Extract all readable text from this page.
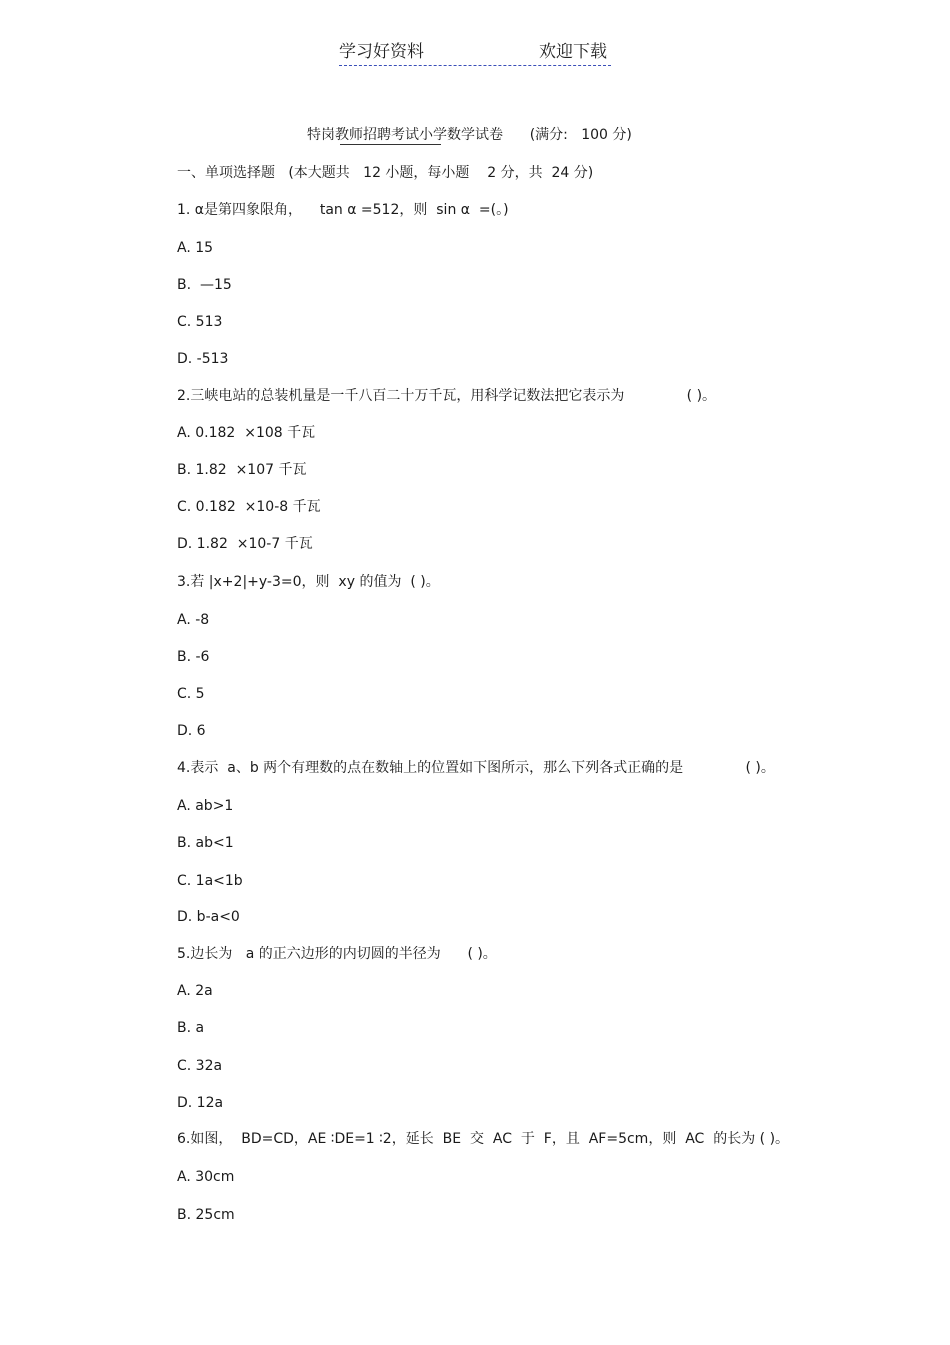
学习好资料	欢迎下载
特岗教师招聘考试小学数学试卷      (满分:   100 分)
一、单项选择题   (本大题共   12 小题，每小题    2 分，共  24 分)
1. α是第四象限角，    tan α =512，则  sin α  =(。)
A. 15
B.  —15
C. 513
D. -513
2.三峡电站的总装机量是一千八百二十万千瓦，用科学记数法把它表示为              ( )。
A. 0.182  ×108 千瓦
B. 1.82  ×107 千瓦
C. 0.182  ×10-8 千瓦
D. 1.82  ×10-7 千瓦
3.若 |x+2|+y-3=0，则  xy 的值为  ( )。
A. -8
B. -6
C. 5
D. 6
4.表示  a、b 两个有理数的点在数轴上的位置如下图所示，那么下列各式正确的是              ( )。
A. ab>1
B. ab<1
C. 1a<1b
D. b-a<0
5.边长为   a 的正六边形的内切圆的半径为      ( )。
A. 2a
B. a
C. 32a
D. 12a
6.如图，  BD=CD，AE ∶DE=1 ∶2，延长  BE  交  AC  于  F，且  AF=5cm，则  AC  的长为 ( )。
A. 30cm
B. 25cm
